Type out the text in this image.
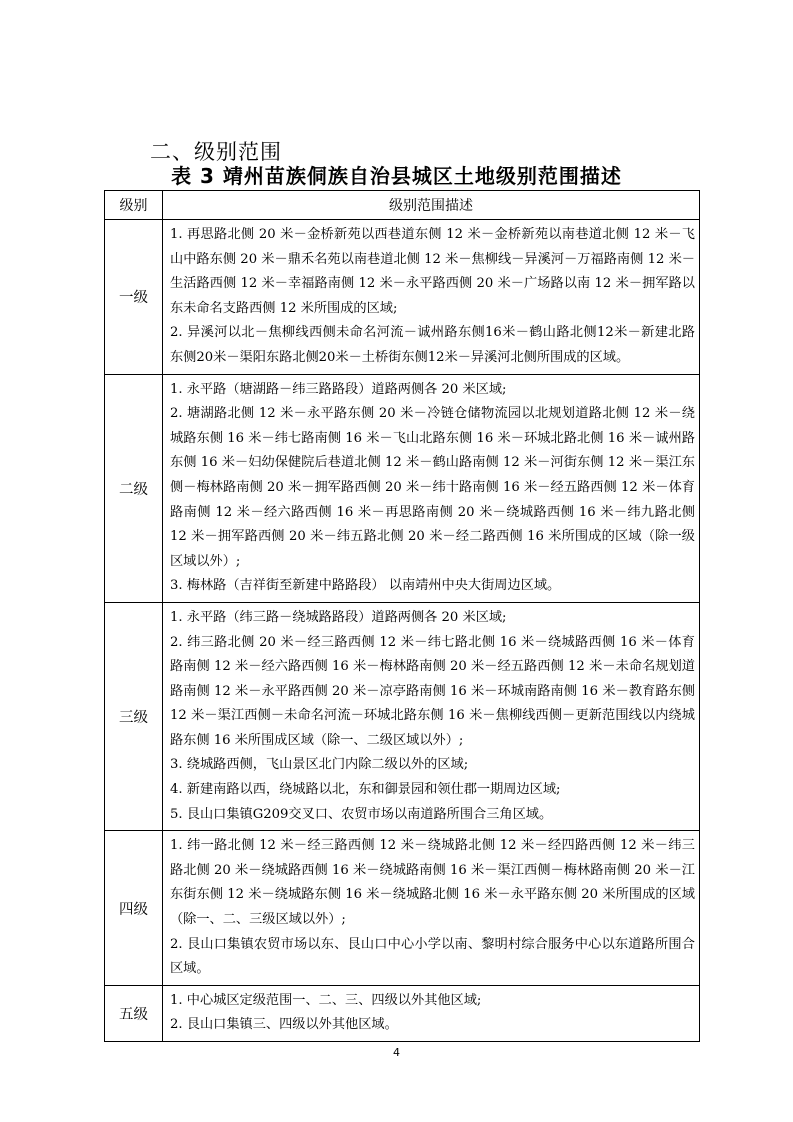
二、级别范围
表 3 靖州苗族侗族自治县城区土地级别范围描述
级别	级别范围描述
一级	1. 再思路北侧 20 米－金桥新苑以西巷道东侧 12 米－金桥新苑以南巷道北侧 12 米－飞山中路东侧 20 米－鼎禾名苑以南巷道北侧 12 米－焦柳线－异溪河－万福路南侧 12 米－生活路西侧 12 米－幸福路南侧 12 米－永平路西侧 20 米－广场路以南 12 米－拥军路以东未命名支路西侧 12 米所围成的区域;

2. 异溪河以北－焦柳线西侧未命名河流－诚州路东侧16米－鹤山路北侧12米－新建北路东侧20米－渠阳东路北侧20米－土桥街东侧12米－异溪河北侧所围成的区域。

二级	1. 永平路（塘湖路－纬三路路段）道路两侧各 20 米区域;

2. 塘湖路北侧 12 米－永平路东侧 20 米－冷链仓储物流园以北规划道路北侧 12 米－绕城路东侧 16 米－纬七路南侧 16 米－飞山北路东侧 16 米－环城北路北侧 16 米－诚州路东侧 16 米－妇幼保健院后巷道北侧 12 米－鹤山路南侧 12 米－河街东侧 12 米－渠江东侧－梅林路南侧 20 米－拥军路西侧 20 米－纬十路南侧 16 米－经五路西侧 12 米－体育路南侧 12 米－经六路西侧 16 米－再思路南侧 20 米－绕城路西侧 16 米－纬九路北侧 12 米－拥军路西侧 20 米－纬五路北侧 20 米－经二路西侧 16 米所围成的区域（除一级区域以外）;

3. 梅林路（吉祥街至新建中路路段） 以南靖州中央大街周边区域。

三级	1. 永平路（纬三路－绕城路路段）道路两侧各 20 米区域;

2. 纬三路北侧 20 米－经三路西侧 12 米－纬七路北侧 16 米－绕城路西侧 16 米－体育路南侧 12 米－经六路西侧 16 米－梅林路南侧 20 米－经五路西侧 12 米－未命名规划道路南侧 12 米－永平路西侧 20 米－凉亭路南侧 16 米－环城南路南侧 16 米－教育路东侧 12 米－渠江西侧－未命名河流－环城北路东侧 16 米－焦柳线西侧－更新范围线以内绕城路东侧 16 米所围成区域（除一、二级区域以外）;

3. 绕城路西侧，飞山景区北门内除二级以外的区域;

4. 新建南路以西，绕城路以北，东和御景园和领仕郡一期周边区域;

5. 艮山口集镇G209交叉口、农贸市场以南道路所围合三角区域。

四级	1. 纬一路北侧 12 米－经三路西侧 12 米－绕城路北侧 12 米－经四路西侧 12 米－纬三路北侧 20 米－绕城路西侧 16 米－绕城路南侧 16 米－渠江西侧－梅林路南侧 20 米－江东街东侧 12 米－绕城路东侧 16 米－绕城路北侧 16 米－永平路东侧 20 米所围成的区域（除一、二、三级区域以外）;

2. 艮山口集镇农贸市场以东、艮山口中心小学以南、黎明村综合服务中心以东道路所围合区域。

五级	1. 中心城区定级范围一、二、三、四级以外其他区域;

2. 艮山口集镇三、四级以外其他区域。

4
